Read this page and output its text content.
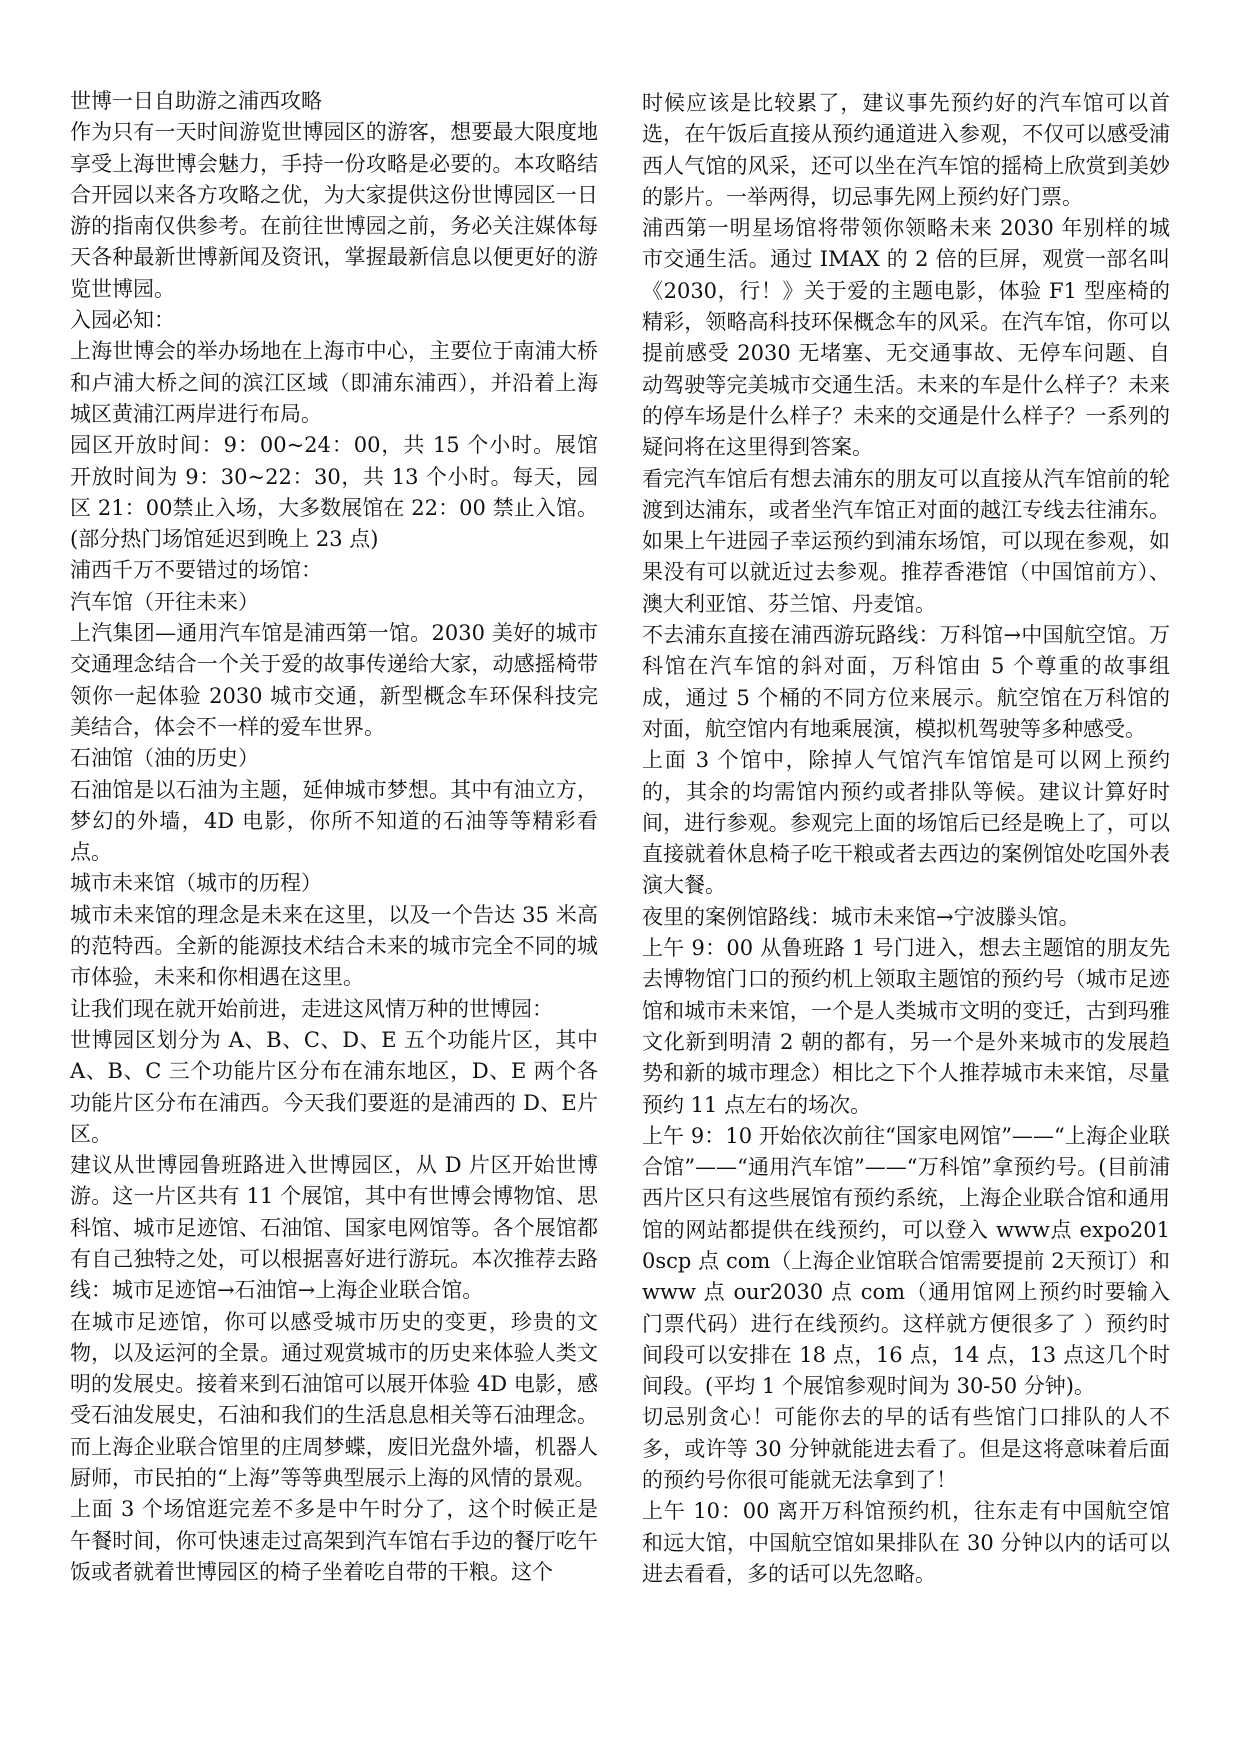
世博一日自助游之浦西攻略

作为只有一天时间游览世博园区的游客，想要最大限度地享受上海世博会魅力，手持一份攻略是必要的。本攻略结合开园以来各方攻略之优，为大家提供这份世博园区一日游的指南仅供参考。在前往世博园之前，务必关注媒体每天各种最新世博新闻及资讯，掌握最新信息以便更好的游览世博园。

入园必知：

上海世博会的举办场地在上海市中心，主要位于南浦大桥和卢浦大桥之间的滨江区域（即浦东浦西），并沿着上海城区黄浦江两岸进行布局。

园区开放时间：9：00~24：00，共 15 个小时。展馆开放时间为 9：30~22：30，共 13 个小时。每天，园区 21：00禁止入场，大多数展馆在 22：00 禁止入馆。(部分热门场馆延迟到晚上 23 点)

浦西千万不要错过的场馆：

汽车馆（开往未来）

上汽集团—通用汽车馆是浦西第一馆。2030 美好的城市交通理念结合一个关于爱的故事传递给大家，动感摇椅带领你一起体验 2030 城市交通，新型概念车环保科技完美结合，体会不一样的爱车世界。

石油馆（油的历史）

石油馆是以石油为主题，延伸城市梦想。其中有油立方，梦幻的外墙，4D 电影，你所不知道的石油等等精彩看点。

城市未来馆（城市的历程）

城市未来馆的理念是未来在这里，以及一个告达 35 米高的范特西。全新的能源技术结合未来的城市完全不同的城市体验，未来和你相遇在这里。

让我们现在就开始前进，走进这风情万种的世博园：

世博园区划分为 A、B、C、D、E 五个功能片区，其中 A、B、C 三个功能片区分布在浦东地区，D、E 两个各功能片区分布在浦西。今天我们要逛的是浦西的 D、E片区。

建议从世博园鲁班路进入世博园区，从 D 片区开始世博游。这一片区共有 11 个展馆，其中有世博会博物馆、思科馆、城市足迹馆、石油馆、国家电网馆等。各个展馆都有自己独特之处，可以根据喜好进行游玩。本次推荐去路线：城市足迹馆→石油馆→上海企业联合馆。

在城市足迹馆，你可以感受城市历史的变更，珍贵的文物，以及运河的全景。通过观赏城市的历史来体验人类文明的发展史。接着来到石油馆可以展开体验 4D 电影，感受石油发展史，石油和我们的生活息息相关等石油理念。而上海企业联合馆里的庄周梦蝶，废旧光盘外墙，机器人厨师，市民拍的“上海”等等典型展示上海的风情的景观。

上面 3 个场馆逛完差不多是中午时分了，这个时候正是午餐时间，你可快速走过高架到汽车馆右手边的餐厅吃午饭或者就着世博园区的椅子坐着吃自带的干粮。这个

时候应该是比较累了，建议事先预约好的汽车馆可以首选，在午饭后直接从预约通道进入参观，不仅可以感受浦西人气馆的风采，还可以坐在汽车馆的摇椅上欣赏到美妙的影片。一举两得，切忌事先网上预约好门票。

浦西第一明星场馆将带领你领略未来 2030 年别样的城市交通生活。通过 IMAX 的 2 倍的巨屏，观赏一部名叫《2030，行！》关于爱的主题电影，体验 F1 型座椅的精彩，领略高科技环保概念车的风采。在汽车馆，你可以提前感受 2030 无堵塞、无交通事故、无停车问题、自动驾驶等完美城市交通生活。未来的车是什么样子？未来的停车场是什么样子？未来的交通是什么样子？一系列的疑问将在这里得到答案。

看完汽车馆后有想去浦东的朋友可以直接从汽车馆前的轮渡到达浦东，或者坐汽车馆正对面的越江专线去往浦东。如果上午进园子幸运预约到浦东场馆，可以现在参观，如果没有可以就近过去参观。推荐香港馆（中国馆前方）、澳大利亚馆、芬兰馆、丹麦馆。

不去浦东直接在浦西游玩路线：万科馆→中国航空馆。万科馆在汽车馆的斜对面，万科馆由 5 个尊重的故事组成，通过 5 个桶的不同方位来展示。航空馆在万科馆的对面，航空馆内有地乘展演，模拟机驾驶等多种感受。

上面 3 个馆中，除掉人气馆汽车馆馆是可以网上预约的，其余的均需馆内预约或者排队等候。建议计算好时间，进行参观。参观完上面的场馆后已经是晚上了，可以直接就着休息椅子吃干粮或者去西边的案例馆处吃国外表演大餐。

夜里的案例馆路线：城市未来馆→宁波滕头馆。

上午 9：00 从鲁班路 1 号门进入，想去主题馆的朋友先去博物馆门口的预约机上领取主题馆的预约号（城市足迹馆和城市未来馆，一个是人类城市文明的变迁，古到玛雅文化新到明清 2 朝的都有，另一个是外来城市的发展趋势和新的城市理念）相比之下个人推荐城市未来馆，尽量预约 11 点左右的场次。

上午 9：10 开始依次前往“国家电网馆”——“上海企业联合馆”——“通用汽车馆”——“万科馆”拿预约号。(目前浦西片区只有这些展馆有预约系统，上海企业联合馆和通用馆的网站都提供在线预约，可以登入 www点 expo2010scp 点 com（上海企业馆联合馆需要提前 2天预订）和 www 点 our2030 点 com（通用馆网上预约时要输入门票代码）进行在线预约。这样就方便很多了 ）预约时间段可以安排在 18 点，16 点，14 点，13 点这几个时间段。(平均 1 个展馆参观时间为 30-50 分钟)。

切忌别贪心！可能你去的早的话有些馆门口排队的人不多，或许等 30 分钟就能进去看了。但是这将意味着后面的预约号你很可能就无法拿到了！

上午 10：00 离开万科馆预约机，往东走有中国航空馆和远大馆，中国航空馆如果排队在 30 分钟以内的话可以进去看看，多的话可以先忽略。
